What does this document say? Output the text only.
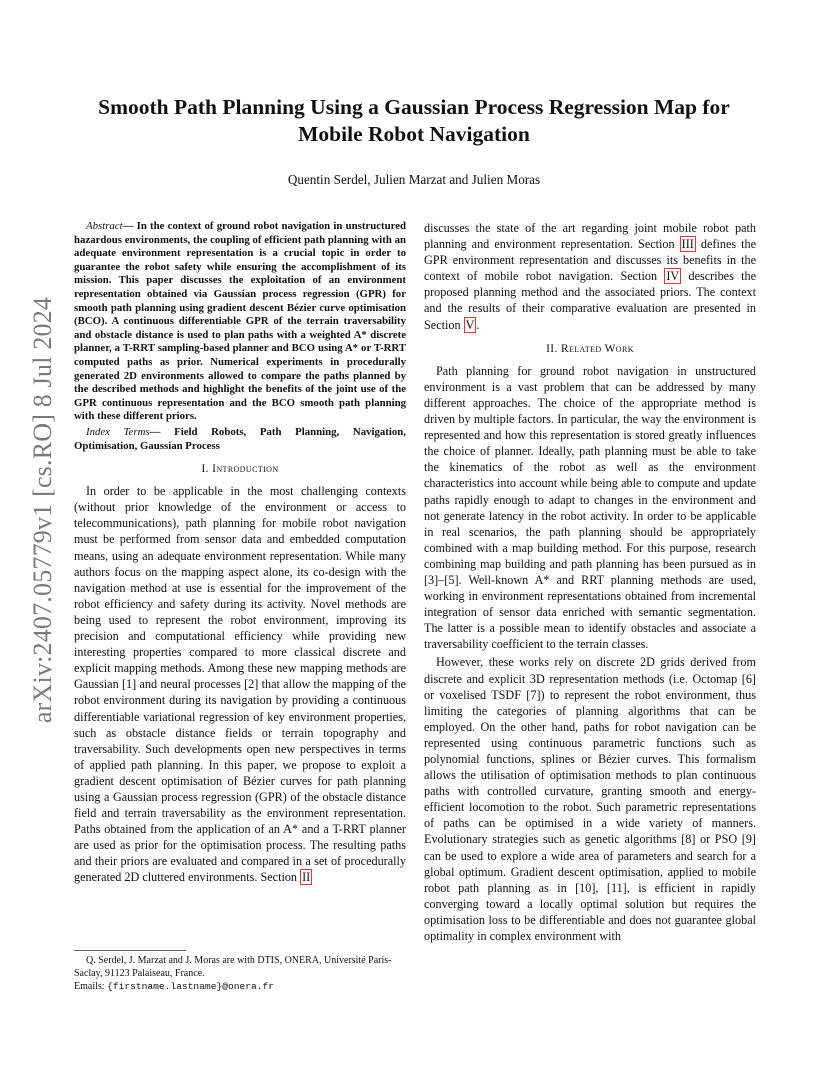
arXiv:2407.05779v1 [cs.RO] 8 Jul 2024
Smooth Path Planning Using a Gaussian Process Regression Map for Mobile Robot Navigation
Quentin Serdel, Julien Marzat and Julien Moras

Abstract— In the context of ground robot navigation in unstructured hazardous environments, the coupling of efficient path planning with an adequate environment representation is a crucial topic in order to guarantee the robot safety while ensuring the accomplishment of its mission. This paper discusses the exploitation of an environment representation obtained via Gaussian process regression (GPR) for smooth path planning using gradient descent Bézier curve optimisation (BCO). A continuous differentiable GPR of the terrain traversability and obstacle distance is used to plan paths with a weighted A* discrete planner, a T-RRT sampling-based planner and BCO using A* or T-RRT computed paths as prior. Numerical experiments in procedurally generated 2D environments allowed to compare the paths planned by the described methods and highlight the benefits of the joint use of the GPR continuous representation and the BCO smooth path planning with these different priors.

Index Terms— Field Robots, Path Planning, Navigation, Optimisation, Gaussian Process

I. Introduction

In order to be applicable in the most challenging contexts (without prior knowledge of the environment or access to telecommunications), path planning for mobile robot navigation must be performed from sensor data and embedded computation means, using an adequate environment representation. While many authors focus on the mapping aspect alone, its co-design with the navigation method at use is essential for the improvement of the robot efficiency and safety during its activity. Novel methods are being used to represent the robot environment, improving its precision and computational efficiency while providing new interesting properties compared to more classical discrete and explicit mapping methods. Among these new mapping methods are Gaussian [1] and neural processes [2] that allow the mapping of the robot environment during its navigation by providing a continuous differentiable variational regression of key environment properties, such as obstacle distance fields or terrain topography and traversability. Such developments open new perspectives in terms of applied path planning. In this paper, we propose to exploit a gradient descent optimisation of Bézier curves for path planning using a Gaussian process regression (GPR) of the obstacle distance field and terrain traversability as the environment representation. Paths obtained from the application of an A* and a T-RRT planner are used as prior for the optimisation process. The resulting paths and their priors are evaluated and compared in a set of procedurally generated 2D cluttered environments. Section II

discusses the state of the art regarding joint mobile robot path planning and environment representation. Section III defines the GPR environment representation and discusses its benefits in the context of mobile robot navigation. Section IV describes the proposed planning method and the associated priors. The context and the results of their comparative evaluation are presented in Section V .

II. Related Work

Path planning for ground robot navigation in unstructured environment is a vast problem that can be addressed by many different approaches. The choice of the appropriate method is driven by multiple factors. In particular, the way the environment is represented and how this representation is stored greatly influences the choice of planner. Ideally, path planning must be able to take the kinematics of the robot as well as the environment characteristics into account while being able to compute and update paths rapidly enough to adapt to changes in the environment and not generate latency in the robot activity. In order to be applicable in real scenarios, the path planning should be appropriately combined with a map building method. For this purpose, research combining map building and path planning has been pursued as in [3]–[5]. Well-known A* and RRT planning methods are used, working in environment representations obtained from incremental integration of sensor data enriched with semantic segmentation. The latter is a possible mean to identify obstacles and associate a traversability coefficient to the terrain classes.

However, these works rely on discrete 2D grids derived from discrete and explicit 3D representation methods (i.e. Octomap [6] or voxelised TSDF [7]) to represent the robot environment, thus limiting the categories of planning algorithms that can be employed. On the other hand, paths for robot navigation can be represented using continuous parametric functions such as polynomial functions, splines or Bézier curves. This formalism allows the utilisation of optimisation methods to plan continuous paths with controlled curvature, granting smooth and energy-efficient locomotion to the robot. Such parametric representations of paths can be optimised in a wide variety of manners. Evolutionary strategies such as genetic algorithms [8] or PSO [9] can be used to explore a wide area of parameters and search for a global optimum. Gradient descent optimisation, applied to mobile robot path planning as in [10], [11], is efficient in rapidly converging toward a locally optimal solution but requires the optimisation loss to be differentiable and does not guarantee global optimality in complex environment with

Q. Serdel, J. Marzat and J. Moras are with DTIS, ONERA, Université Paris-Saclay, 91123 Palaiseau, France.

Emails: {firstname.lastname}@onera.fr
